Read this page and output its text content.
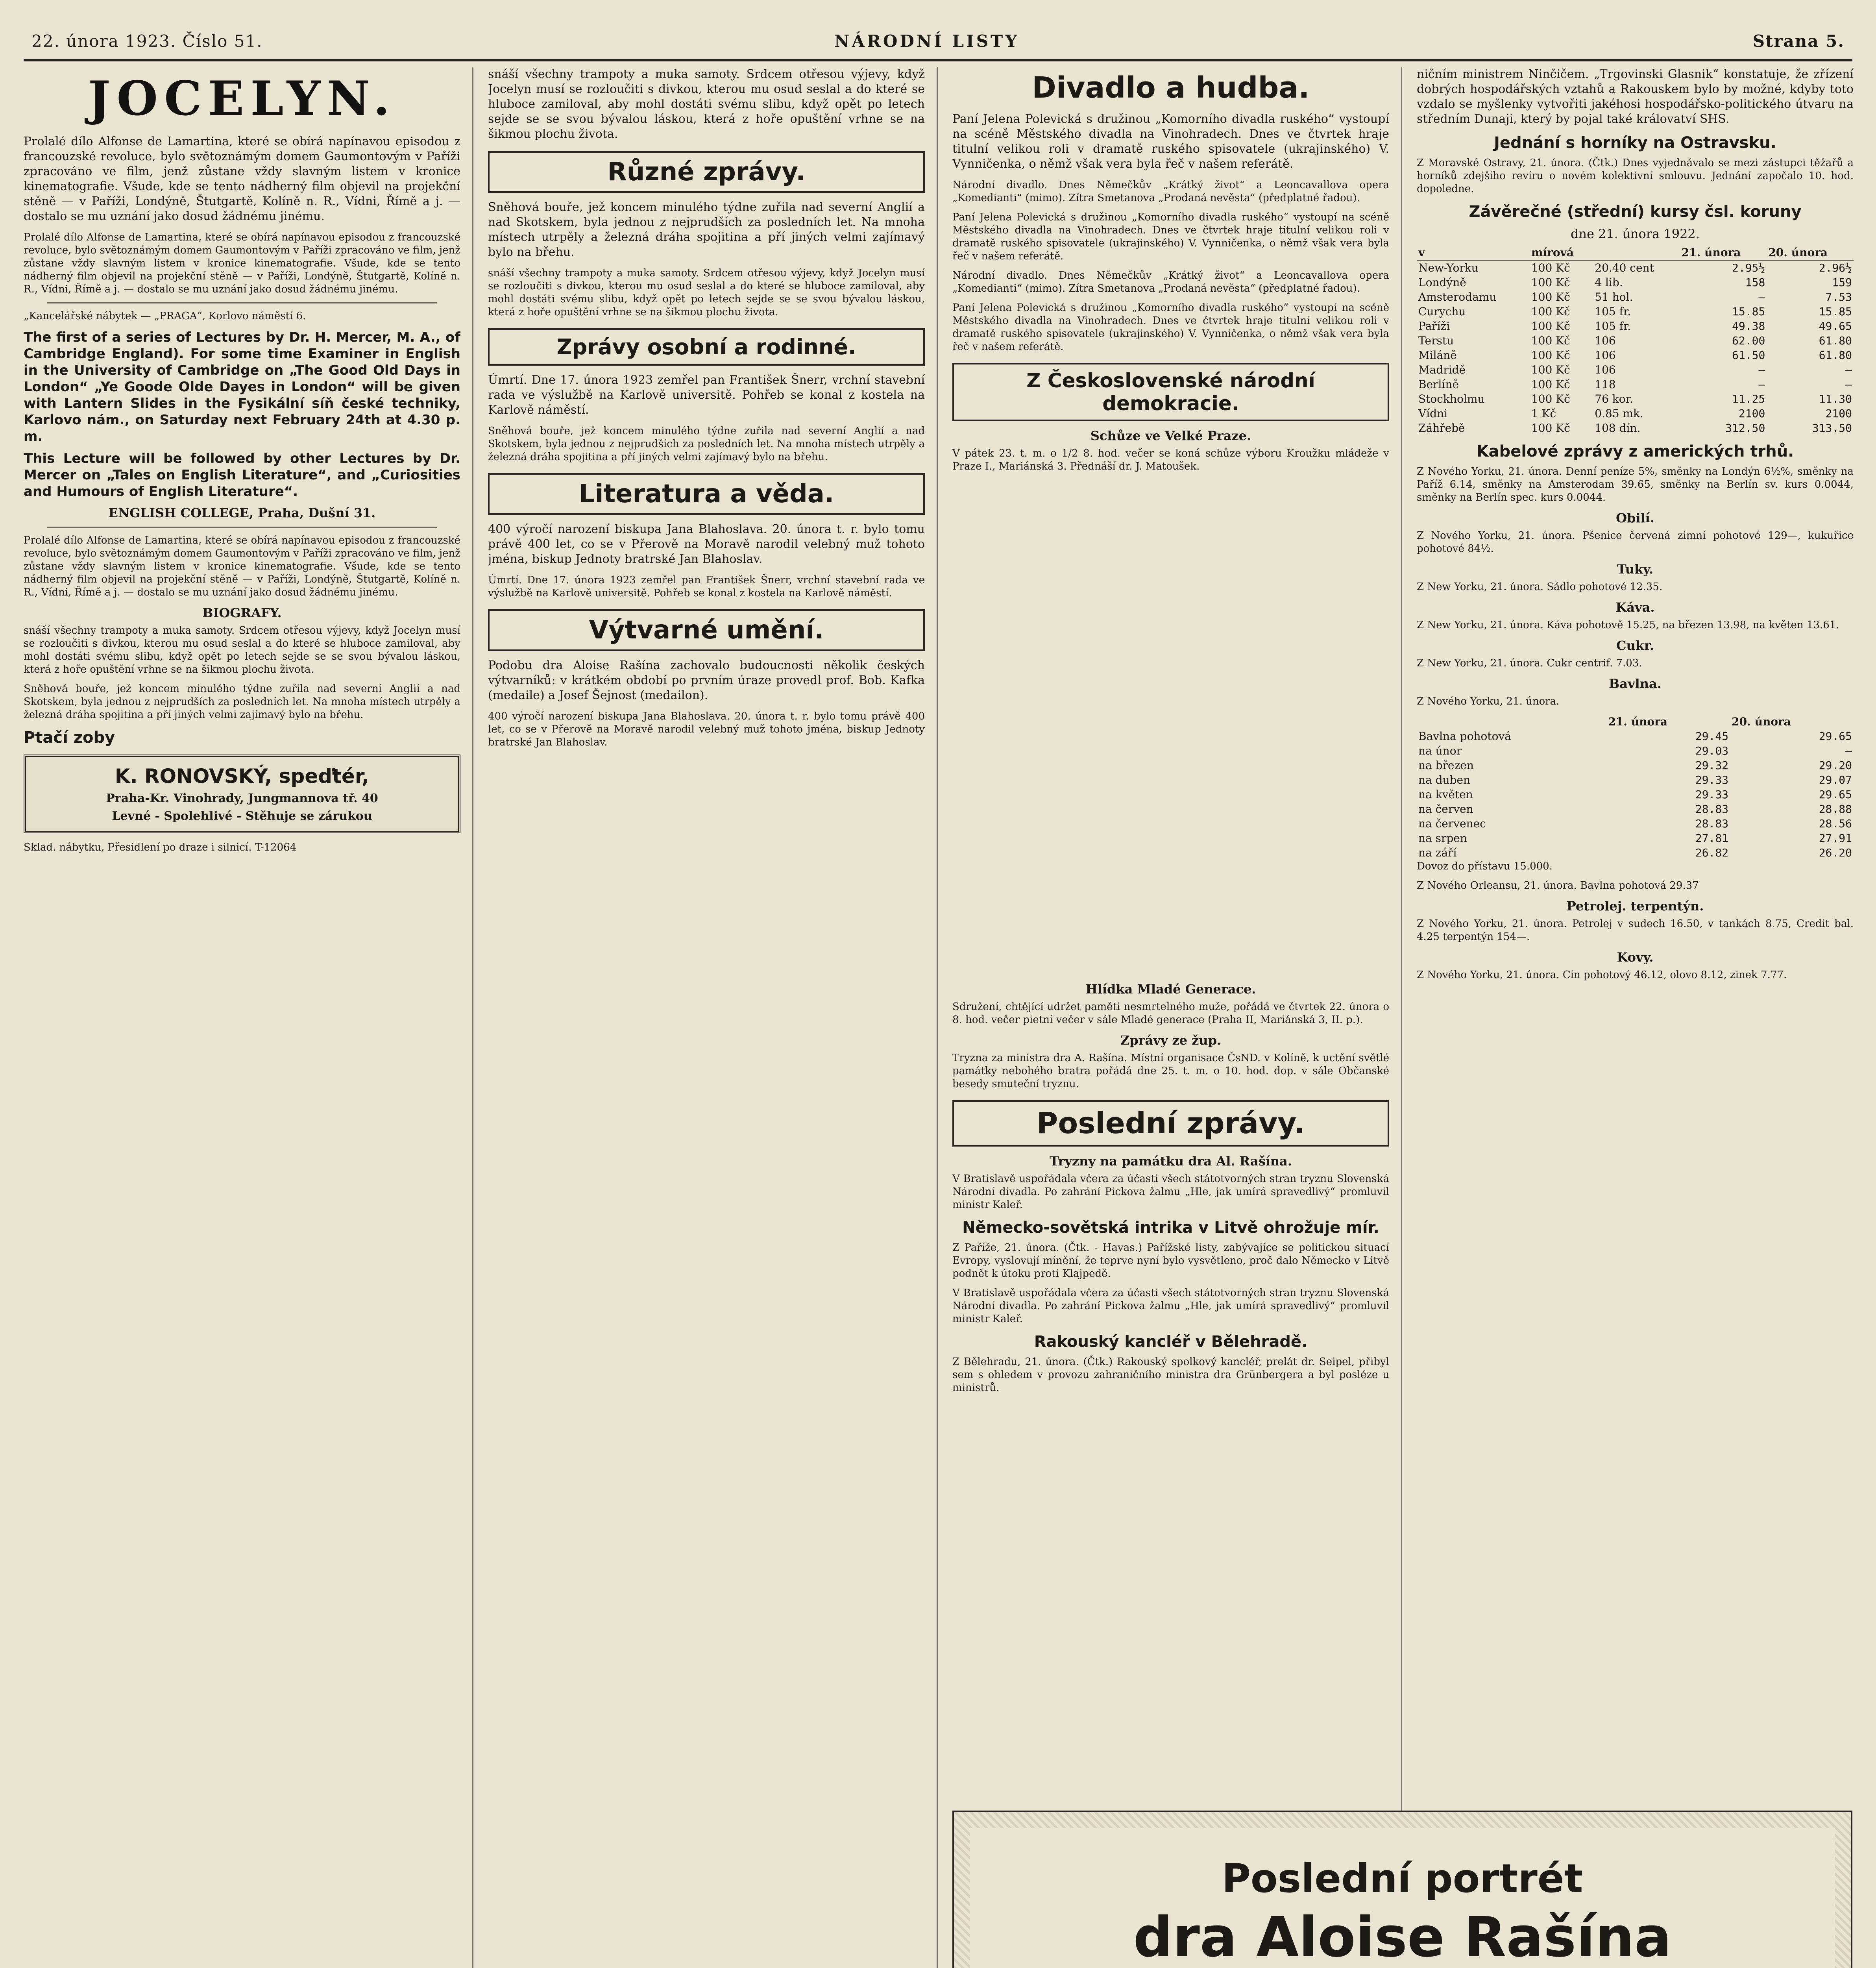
22. února 1923. Číslo 51.	NÁRODNÍ LISTY	Strana 5.
JOCELYN.

Prolalé dílo Alfonse de Lamartina, které se obírá napínavou episodou z francouzské revoluce, bylo světoznámým domem Gaumontovým v Paříži zpracováno ve film, jenž zůstane vždy slavným listem v kronice kinematografie. Všude, kde se tento nádherný film objevil na projekční stěně — v Paříži, Londýně, Štutgartě, Kolíně n. R., Vídni, Římě a j. — dostalo se mu uznání jako dosud žádnému jinému.

Prolalé dílo Alfonse de Lamartina, které se obírá napínavou episodou z francouzské revoluce, bylo světoznámým domem Gaumontovým v Paříži zpracováno ve film, jenž zůstane vždy slavným listem v kronice kinematografie. Všude, kde se tento nádherný film objevil na projekční stěně — v Paříži, Londýně, Štutgartě, Kolíně n. R., Vídni, Římě a j. — dostalo se mu uznání jako dosud žádnému jinému.

„Kancelářské nábytek — „PRAGA“, Korlovo náměstí 6.

The first of a series of Lectures by Dr. H. Mercer, M. A., of Cambridge England). For some time Examiner in English in the University of Cambridge on „The Good Old Days in London“ „Ye Goode Olde Dayes in London“ will be given with Lantern Slides in the Fysikální síň české techniky, Karlovo nám., on Saturday next February 24th at 4.30 p. m.
This Lecture will be followed by other Lectures by Dr. Mercer on „Tales on English Literature“, and „Curiosities and Humours of English Literature“.
ENGLISH COLLEGE, Praha, Dušní 31.

Prolalé dílo Alfonse de Lamartina, které se obírá napínavou episodou z francouzské revoluce, bylo světoznámým domem Gaumontovým v Paříži zpracováno ve film, jenž zůstane vždy slavným listem v kronice kinematografie. Všude, kde se tento nádherný film objevil na projekční stěně — v Paříži, Londýně, Štutgartě, Kolíně n. R., Vídni, Římě a j. — dostalo se mu uznání jako dosud žádnému jinému.

BIOGRAFY.

snáší všechny trampoty a muka samoty. Srdcem otřesou výjevy, když Jocelyn musí se rozloučiti s divkou, kterou mu osud seslal a do které se hluboce zamiloval, aby mohl dostáti svému slibu, když opět po letech sejde se se svou bývalou láskou, která z hoře opuštění vrhne se na šikmou plochu života.

Sněhová bouře, jež koncem minulého týdne zuřila nad severní Anglií a nad Skotskem, byla jednou z nejprudších za posledních let. Na mnoha místech utrpěly a železná dráha spojitina a pří jiných velmi zajímavý bylo na břehu.

Ptačí zoby
K. RONOVSKÝ, speďtér,
Praha-Kr. Vinohrady, Jungmannova tř. 40
Levné - Spolehlivé - Stěhuje se zárukou

Sklad. nábytku, Přesidlení po draze i silnicí. T-12064

snáší všechny trampoty a muka samoty. Srdcem otřesou výjevy, když Jocelyn musí se rozloučiti s divkou, kterou mu osud seslal a do které se hluboce zamiloval, aby mohl dostáti svému slibu, když opět po letech sejde se se svou bývalou láskou, která z hoře opuštění vrhne se na šikmou plochu života.

Různé zprávy.

Sněhová bouře, jež koncem minulého týdne zuřila nad severní Anglií a nad Skotskem, byla jednou z nejprudších za posledních let. Na mnoha místech utrpěly a železná dráha spojitina a pří jiných velmi zajímavý bylo na břehu.

snáší všechny trampoty a muka samoty. Srdcem otřesou výjevy, když Jocelyn musí se rozloučiti s divkou, kterou mu osud seslal a do které se hluboce zamiloval, aby mohl dostáti svému slibu, když opět po letech sejde se se svou bývalou láskou, která z hoře opuštění vrhne se na šikmou plochu života.

Zprávy osobní a rodinné.

Úmrtí. Dne 17. února 1923 zemřel pan František Šnerr, vrchní stavební rada ve výslužbě na Karlově universitě. Pohřeb se konal z kostela na Karlově náměstí.

Sněhová bouře, jež koncem minulého týdne zuřila nad severní Anglií a nad Skotskem, byla jednou z nejprudších za posledních let. Na mnoha místech utrpěly a železná dráha spojitina a pří jiných velmi zajímavý bylo na břehu.

Literatura a věda.

400 výročí narození biskupa Jana Blahoslava. 20. února t. r. bylo tomu právě 400 let, co se v Přerově na Moravě narodil velebný muž tohoto jména, biskup Jednoty bratrské Jan Blahoslav.

Úmrtí. Dne 17. února 1923 zemřel pan František Šnerr, vrchní stavební rada ve výslužbě na Karlově universitě. Pohřeb se konal z kostela na Karlově náměstí.

Výtvarné umění.

Podobu dra Aloise Rašína zachovalo budoucnosti několik českých výtvarníků: v krátkém období po prvním úraze provedl prof. Bob. Kafka (medaile) a Josef Šejnost (medailon).

400 výročí narození biskupa Jana Blahoslava. 20. února t. r. bylo tomu právě 400 let, co se v Přerově na Moravě narodil velebný muž tohoto jména, biskup Jednoty bratrské Jan Blahoslav.

Divadlo a hudba.

Paní Jelena Polevická s družinou „Komorního divadla ruského“ vystoupí na scéně Městského divadla na Vinohradech. Dnes ve čtvrtek hraje titulní velikou roli v dramatě ruského spisovatele (ukrajinského) V. Vynničenka, o němž však vera byla řeč v našem referátě.

Národní divadlo. Dnes Němečkův „Krátký život“ a Leoncavallova opera „Komedianti“ (mimo). Zítra Smetanova „Prodaná nevěsta“ (předplatné řadou).

Paní Jelena Polevická s družinou „Komorního divadla ruského“ vystoupí na scéně Městského divadla na Vinohradech. Dnes ve čtvrtek hraje titulní velikou roli v dramatě ruského spisovatele (ukrajinského) V. Vynničenka, o němž však vera byla řeč v našem referátě.

Národní divadlo. Dnes Němečkův „Krátký život“ a Leoncavallova opera „Komedianti“ (mimo). Zítra Smetanova „Prodaná nevěsta“ (předplatné řadou).

Paní Jelena Polevická s družinou „Komorního divadla ruského“ vystoupí na scéně Městského divadla na Vinohradech. Dnes ve čtvrtek hraje titulní velikou roli v dramatě ruského spisovatele (ukrajinského) V. Vynničenka, o němž však vera byla řeč v našem referátě.

Z Československé národní demokracie.
Schůze ve Velké Praze.

V pátek 23. t. m. o 1/2 8. hod. večer se koná schůze výboru Kroužku mládeže v Praze I., Mariánská 3. Přednáší dr. J. Matoušek.

ničním ministrem Ninčičem. „Trgovinski Glasnik“ konstatuje, že zřízení dobrých hospodářských vztahů a Rakouskem bylo by možné, kdyby toto vzdalo se myšlenky vytvořiti jakéhosi hospodářsko-politického útvaru na středním Dunaji, který by pojal také královatví SHS.

Jednání s horníky na Ostravsku.

Z Moravské Ostravy, 21. února. (Čtk.) Dnes vyjednávalo se mezi zástupci těžařů a horníků zdejšího revíru o novém kolektivní smlouvu. Jednání započalo 10. hod. dopoledne.

Závěrečné (střední) kursy čsl. koruny
dne 21. února 1922.
v	mírová		21. února	20. února
New-Yorku	100 Kč	20.40 cent	2.95½	2.96½
Londýně	100 Kč	4 lib.	158	159
Amsterodamu	100 Kč	51 hol.	—	7.53
Curychu	100 Kč	105 fr.	15.85	15.85
Paříži	100 Kč	105 fr.	49.38	49.65
Terstu	100 Kč	106	62.00	61.80
Miláně	100 Kč	106	61.50	61.80
Madridě	100 Kč	106	—	—
Berlíně	100 Kč	118	—	—
Stockholmu	100 Kč	76 kor.	11.25	11.30
Vídni	1 Kč	0.85 mk.	2100	2100
Záhřebě	100 Kč	108 dín.	312.50	313.50
Kabelové zprávy z amerických trhů.

Z Nového Yorku, 21. února. Denní peníze 5%, směnky na Londýn 6½%, směnky na Paříž 6.14, směnky na Amsterodam 39.65, směnky na Berlín sv. kurs 0.0044, směnky na Berlín spec. kurs 0.0044.

Obilí.

Z Nového Yorku, 21. února. Pšenice červená zimní pohotové 129—, kukuřice pohotové 84½.

Tuky.

Z New Yorku, 21. února. Sádlo pohotové 12.35.

Káva.

Z New Yorku, 21. února. Káva pohotově 15.25, na březen 13.98, na květen 13.61.

Cukr.

Z New Yorku, 21. února. Cukr centrif. 7.03.

Bavlna.
Z Nového Yorku, 21. února.
	21. února	20. února
Bavlna pohotová	29.45	29.65
na únor	29.03	—
na březen	29.32	29.20
na duben	29.33	29.07
na květen	29.33	29.65
na červen	28.83	28.88
na červenec	28.83	28.56
na srpen	27.81	27.91
na září	26.82	26.20

Dovoz do přístavu 15.000.

Z Nového Orleansu, 21. února. Bavlna pohotová 29.37

Petrolej. terpentýn.

Z Nového Yorku, 21. února. Petrolej v sudech 16.50, v tankách 8.75, Credit bal. 4.25 terpentýn 154—.

Kovy.

Z Nového Yorku, 21. února. Cín pohotový 46.12, olovo 8.12, zinek 7.77.

Hlídka Mladé Generace.

Sdružení, chtějící udržet paměti nesmrtelného muže, pořádá ve čtvrtek 22. února o 8. hod. večer pietní večer v sále Mladé generace (Praha II, Mariánská 3, II. p.).

Zprávy ze žup.

Tryzna za ministra dra A. Rašína. Místní organisace ČsND. v Kolíně, k uctění světlé památky nebohého bratra pořádá dne 25. t. m. o 10. hod. dop. v sále Občanské besedy smuteční tryznu.

Poslední zprávy.
Tryzny na památku dra Al. Rašína.

V Bratislavě uspořádala včera za účasti všech státotvorných stran tryznu Slovenská Národní divadla. Po zahrání Pickova žalmu „Hle, jak umírá spravedlivý“ promluvil ministr Kaleř.

Německo-sovětská intrika v Litvě ohrožuje mír.

Z Paříže, 21. února. (Čtk. - Havas.) Pařížské listy, zabývajíce se politickou situací Evropy, vyslovují mínění, že teprve nyní bylo vysvětleno, proč dalo Německo v Litvě podnět k útoku proti Klajpedě.

V Bratislavě uspořádala včera za účasti všech státotvorných stran tryznu Slovenská Národní divadla. Po zahrání Pickova žalmu „Hle, jak umírá spravedlivý“ promluvil ministr Kaleř.

Rakouský kancléř v Bělehradě.

Z Bělehradu, 21. února. (Čtk.) Rakouský spolkový kancléř, prelát dr. Seipel, přibyl sem s ohledem v provozu zahraničního ministra dra Grünbergera a byl posléze u ministrů.

Poslední portrét
dra Aloise Rašína
